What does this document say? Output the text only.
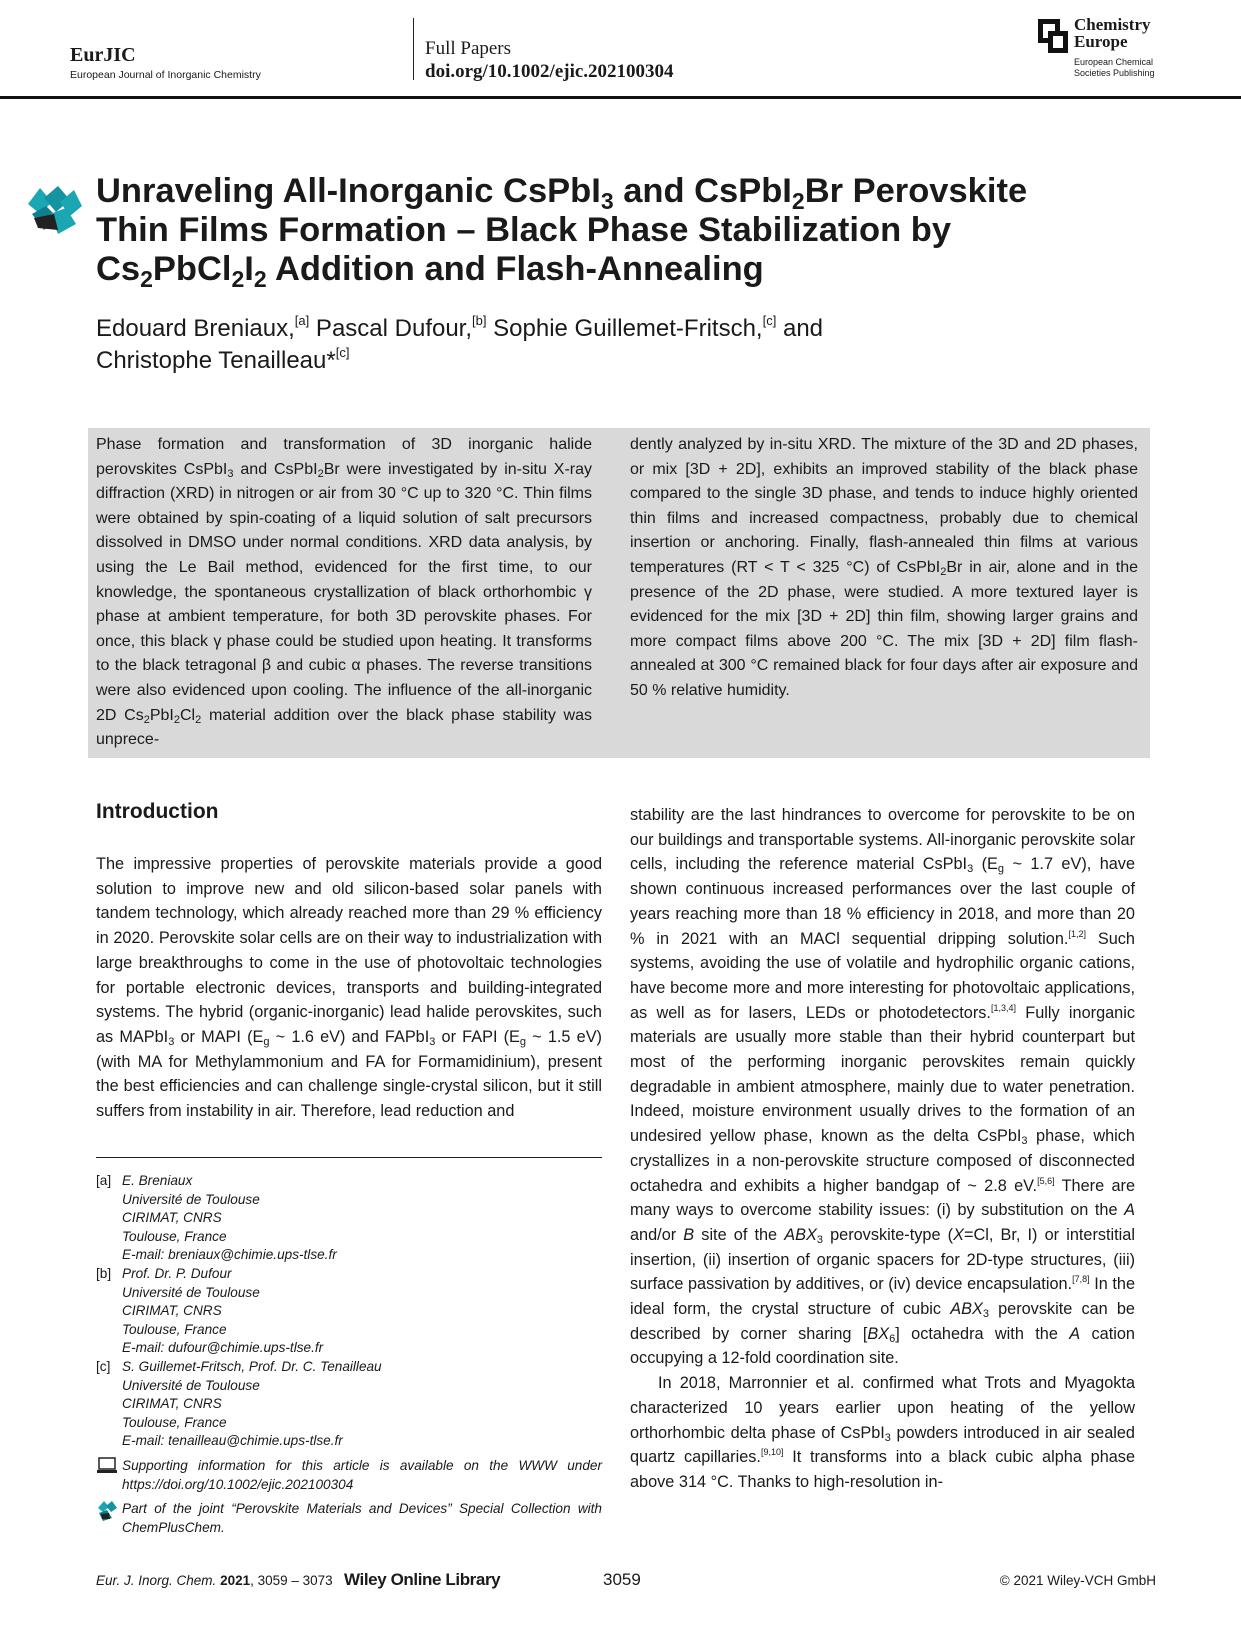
EurJIC

European Journal of Inorganic Chemistry

Full Papers

doi.org/10.1002/ejic.202100304

Chemistry Europe

European Chemical Societies Publishing

Unraveling All-Inorganic CsPbI$_3$ and CsPbI$_2$Br Perovskite Thin Films Formation – Black Phase Stabilization by $Cs_2PbCl_2I_2$ Addition and Flash-Annealing

Edouard Breniaux,[a] Pascal Dufour,[b] Sophie Guillemet-Fritsch,[c] and
Christophe Tenailleau*[c]

Phase formation and transformation of 3D inorganic halide perovskites CsPbI$_3$ and CsPbI$_2$Br were investigated by in-situ X-ray diffraction (XRD) in nitrogen or air from 30 °C up to 320 °C. Thin films were obtained by spin-coating of a liquid solution of salt precursors dissolved in DMSO under normal conditions. XRD data analysis, by using the Le Bail method, evidenced for the first time, to our knowledge, the spontaneous crystallization of black orthorhombic γ phase at ambient temperature, for both 3D perovskite phases. For once, this black γ phase could be studied upon heating. It transforms to the black tetragonal β and cubic α phases. The reverse transitions were also evidenced upon cooling. The influence of the all-inorganic 2D $Cs_2PbI_2Cl_2$ material addition over the black phase stability was unprece-

dently analyzed by in-situ XRD. The mixture of the 3D and 2D phases, or mix [3D + 2D], exhibits an improved stability of the black phase compared to the single 3D phase, and tends to induce highly oriented thin films and increased compactness, probably due to chemical insertion or anchoring. Finally, flash-annealed thin films at various temperatures (RT < T < 325 °C) of CsPbI$_2$Br in air, alone and in the presence of the 2D phase, were studied. A more textured layer is evidenced for the mix [3D + 2D] thin film, showing larger grains and more compact films above 200 °C. The mix [3D + 2D] film flash-annealed at 300 °C remained black for four days after air exposure and 50 % relative humidity.

Introduction

The impressive properties of perovskite materials provide a good solution to improve new and old silicon-based solar panels with tandem technology, which already reached more than 29 % efficiency in 2020. Perovskite solar cells are on their way to industrialization with large breakthroughs to come in the use of photovoltaic technologies for portable electronic devices, transports and building-integrated systems. The hybrid (organic-inorganic) lead halide perovskites, such as MAPbI$_3$ or MAPI ($E_g$ ~ 1.6 eV) and FAPbI$_3$ or FAPI ($E_g$ ~ 1.5 eV) (with MA for Methylammonium and FA for Formamidinium), present the best efficiencies and can challenge single-crystal silicon, but it still suffers from instability in air. Therefore, lead reduction and

stability are the last hindrances to overcome for perovskite to be on our buildings and transportable systems. All-inorganic perovskite solar cells, including the reference material CsPbI$_3$ ($E_g$ ~ 1.7 eV), have shown continuous increased performances over the last couple of years reaching more than 18 % efficiency in 2018, and more than 20 % in 2021 with an MACl sequential dripping solution.[1,2] Such systems, avoiding the use of volatile and hydrophilic organic cations, have become more and more interesting for photovoltaic applications, as well as for lasers, LEDs or photodetectors.[1,3,4] Fully inorganic materials are usually more stable than their hybrid counterpart but most of the performing inorganic perovskites remain quickly degradable in ambient atmosphere, mainly due to water penetration. Indeed, moisture environment usually drives to the formation of an undesired yellow phase, known as the delta CsPbI$_3$ phase, which crystallizes in a non-perovskite structure composed of disconnected octahedra and exhibits a higher bandgap of ~ 2.8 eV.[5,6] There are many ways to overcome stability issues: (i) by substitution on the A and/or B site of the $ABX_3$ perovskite-type (X=Cl, Br, I) or interstitial insertion, (ii) insertion of organic spacers for 2D-type structures, (iii) surface passivation by additives, or (iv) device encapsulation.[7,8] In the ideal form, the crystal structure of cubic $ABX_3$ perovskite can be described by corner sharing $[BX_6]$ octahedra with the A cation occupying a 12-fold coordination site.

In 2018, Marronnier et al. confirmed what Trots and Myagokta characterized 10 years earlier upon heating of the yellow orthorhombic delta phase of CsPbI$_3$ powders introduced in air sealed quartz capillaries.[9,10] It transforms into a black cubic alpha phase above 314 °C. Thanks to high-resolution in-

[a] E. Breniaux
Université de Toulouse
CIRIMAT, CNRS
Toulouse, France
E-mail: breniaux@chimie.ups-tlse.fr
[b] Prof. Dr. P. Dufour
Université de Toulouse
CIRIMAT, CNRS
Toulouse, France
E-mail: dufour@chimie.ups-tlse.fr
[c] S. Guillemet-Fritsch, Prof. Dr. C. Tenailleau
Université de Toulouse
CIRIMAT, CNRS
Toulouse, France
E-mail: tenailleau@chimie.ups-tlse.fr
Supporting information for this article is available on the WWW under https://doi.org/10.1002/ejic.202100304
Part of the joint “Perovskite Materials and Devices” Special Collection with ChemPlusChem.

Eur. J. Inorg. Chem. 2021, 3059 – 3073 Wiley Online Library	3059	© 2021 Wiley-VCH GmbH
